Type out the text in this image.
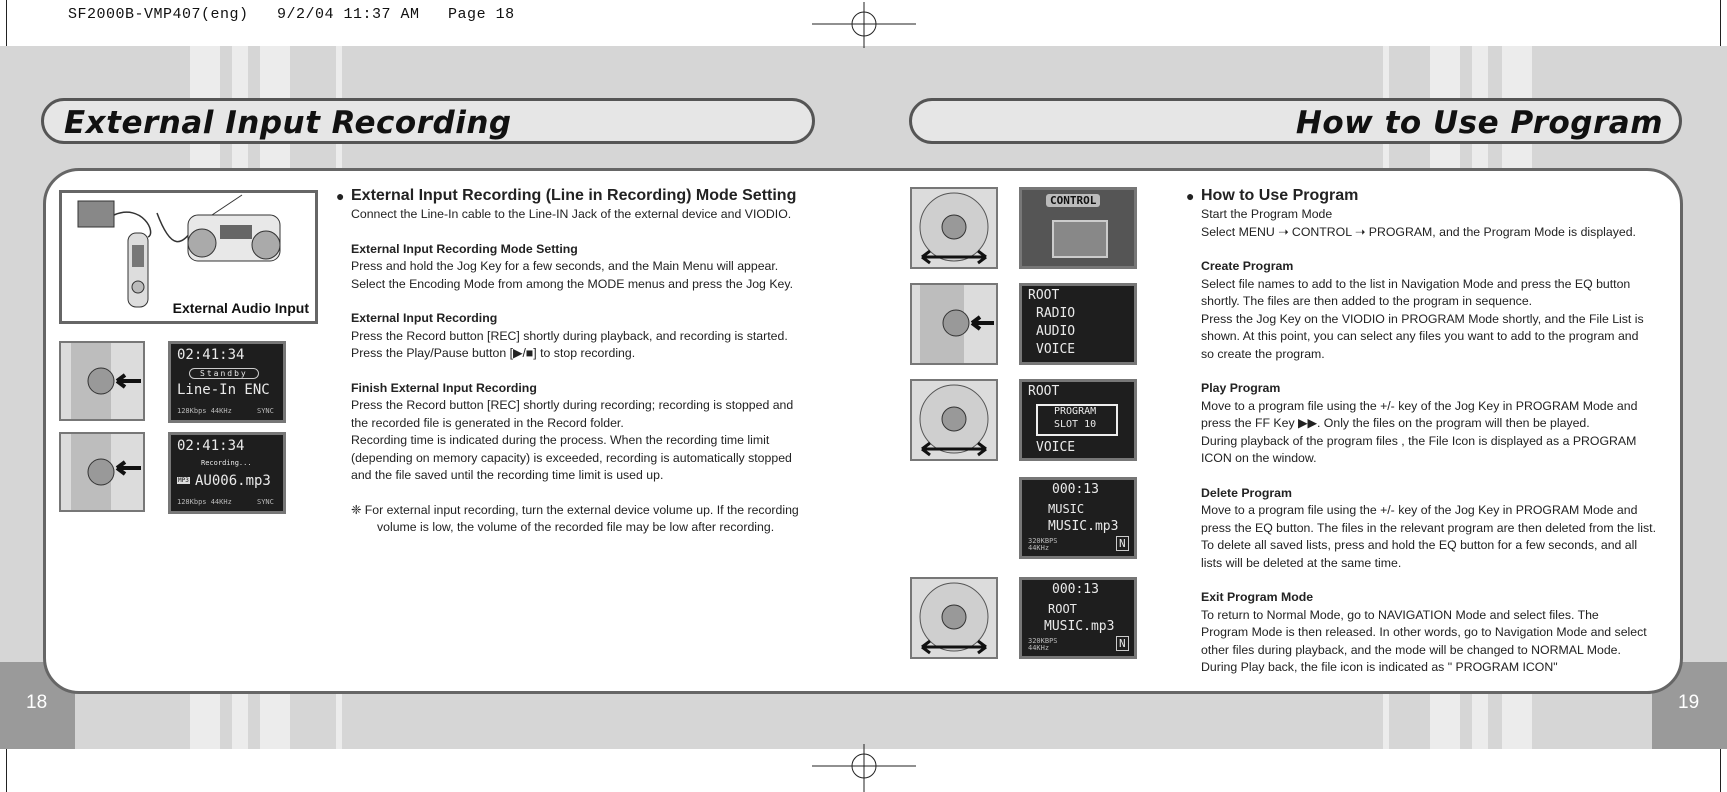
18	19
SF2000B-VMP407(eng)   9/2/04 11:37 AM   Page 18
External Input Recording	How to Use Program
External Audio Input
02:41:34
Standby
Line-In ENC
128Kbps 44KHz	SYNC
02:41:34
Recording...
MP3 AU006.mp3
128Kbps 44KHz	SYNC

● External Input Recording (Line in Recording) Mode Setting

Connect the Line-In cable to the Line-IN Jack of the external device and VIODIO.

External Input Recording Mode Setting

Press and hold the Jog Key for a few seconds, and the Main Menu will appear.

Select the Encoding Mode from among the MODE menus and press the Jog Key.

External Input Recording

Press the Record button [REC] shortly during playback, and recording is started.

Press the Play/Pause button [▶/■] to stop recording.

Finish External Input Recording

Press the Record button [REC] shortly during recording; recording is stopped and

the recorded file is generated in the Record folder.

Recording time is indicated during the process. When the recording time limit

(depending on memory capacity) is exceeded, recording is automatically stopped

and the file saved until the recording time limit is used up.

❈ For external input recording, turn the external device volume up. If the recording
volume is low, the volume of the recorded file may be low after recording.

CONTROL
ROOT
RADIO
AUDIO
VOICE
ROOT
PROGRAM
SLOT 10
VOICE
000:13
MUSIC
MUSIC.mp3
320KBPS 44KHz	N
000:13
ROOT
MUSIC.mp3
320KBPS 44KHz	N

● How to Use Program

Start the Program Mode

Select MENU ➝ CONTROL ➝ PROGRAM, and the Program Mode is displayed.

Create Program

Select file names to add to the list in Navigation Mode and press the EQ button

shortly. The files are then added to the program in sequence.

Press the Jog Key on the VIODIO in PROGRAM Mode shortly, and the File List is

shown. At this point, you can select any files you want to add to the program and

so create the program.

Play Program

Move to a program file using the +/- key of the Jog Key in PROGRAM Mode and

press the FF Key ▶▶. Only the files on the program will then be played.

During playback of the program files , the File Icon is displayed as a PROGRAM

ICON on the window.

Delete Program

Move to a program file using the +/- key of the Jog Key in PROGRAM Mode and

press the EQ button. The files in the relevant program are then deleted from the list.

To delete all saved lists, press and hold the EQ button for a few seconds, and all

lists will be deleted at the same time.

Exit Program Mode

To return to Normal Mode, go to NAVIGATION Mode and select files. The

Program Mode is then released. In other words, go to Navigation Mode and select

other files during playback, and the mode will be changed to NORMAL Mode.

During Play back, the file icon is indicated as " PROGRAM ICON"
